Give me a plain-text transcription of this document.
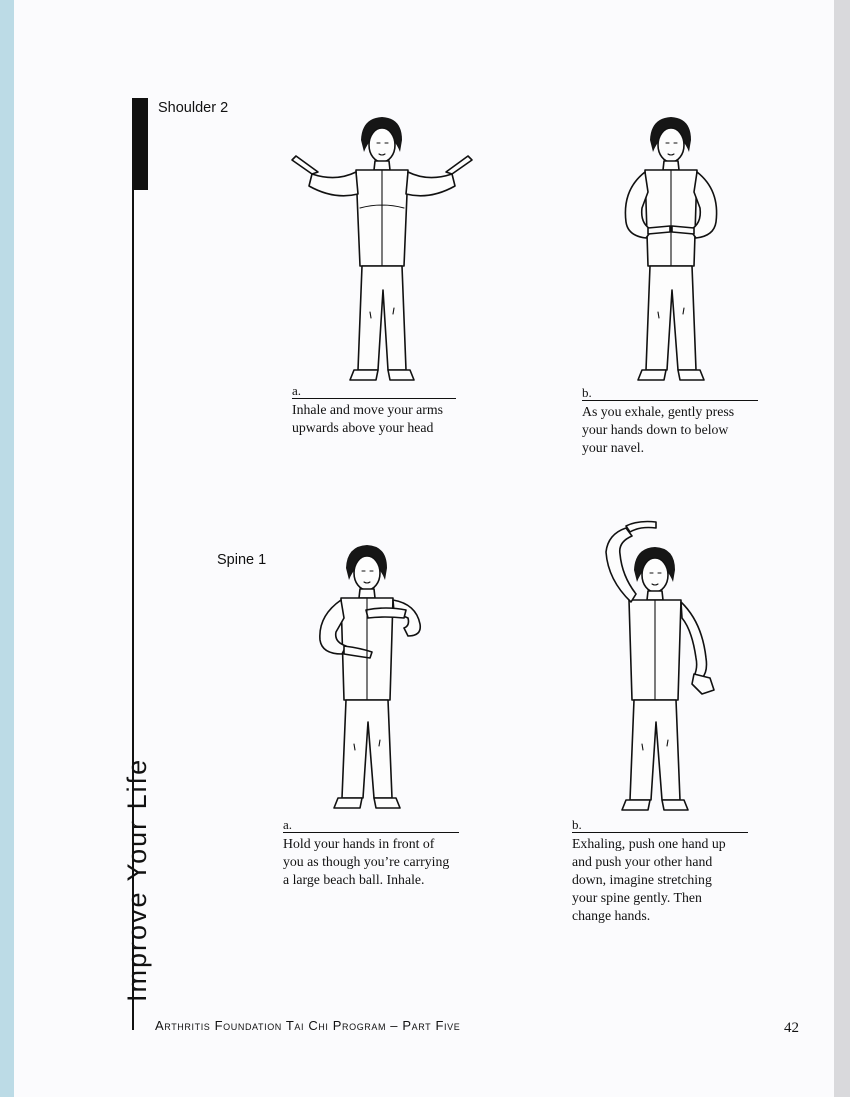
Improve Your Life
Shoulder 2
a.
Inhale and move your arms
upwards above your head
b.
As you exhale, gently press
your hands down to below
your navel.
Spine 1
a.
Hold your hands in front of
you as though you’re carrying
a large beach ball. Inhale.
b.
Exhaling, push one hand up
and push your other hand
down, imagine stretching
your spine gently. Then
change hands.
Arthritis Foundation Tai Chi Program – Part Five	42
